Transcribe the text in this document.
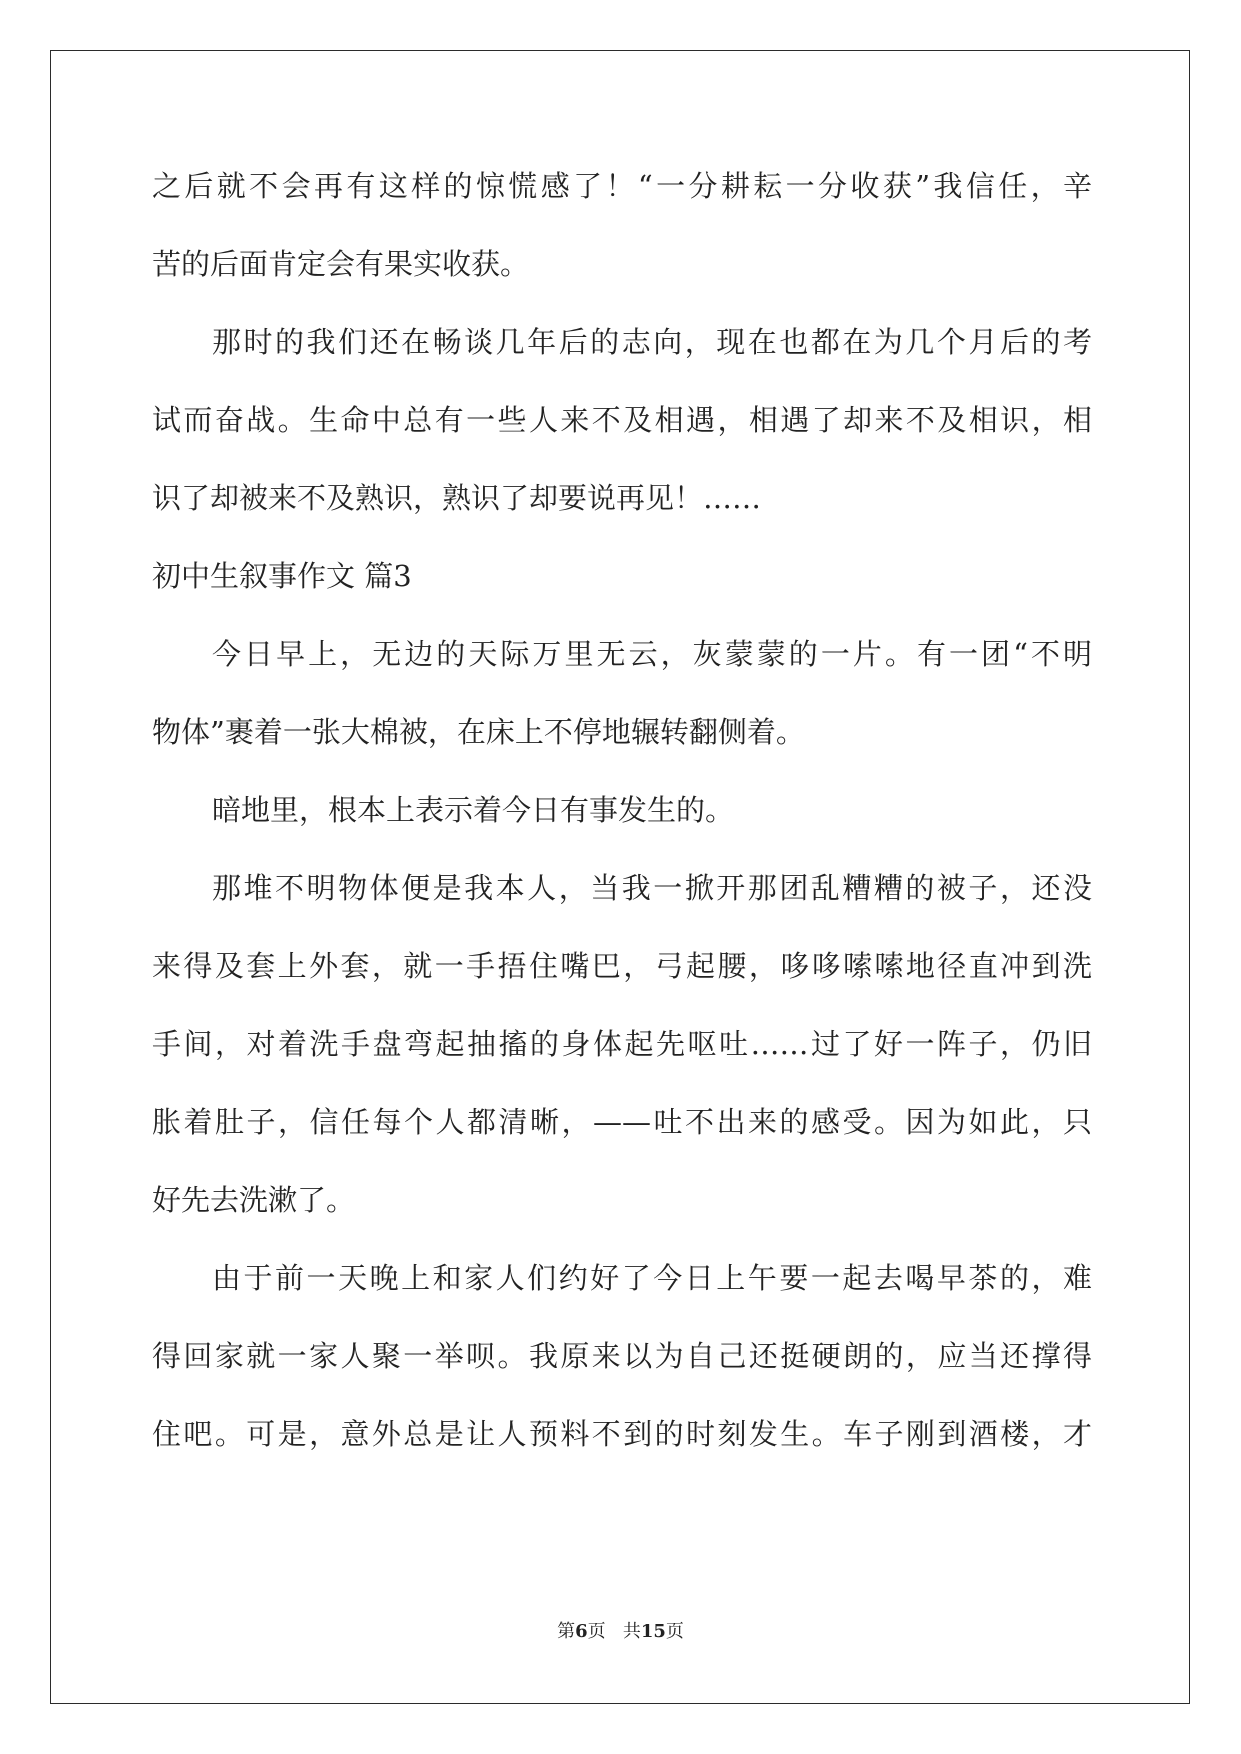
之后就不会再有这样的惊慌感了！“一分耕耘一分收获”我信任，辛
苦的后面肯定会有果实收获。
那时的我们还在畅谈几年后的志向，现在也都在为几个月后的考
试而奋战。生命中总有一些人来不及相遇，相遇了却来不及相识，相
识了却被来不及熟识，熟识了却要说再见！……
初中生叙事作文 篇3
今日早上，无边的天际万里无云，灰蒙蒙的一片。有一团“不明
物体”裹着一张大棉被，在床上不停地辗转翻侧着。
暗地里，根本上表示着今日有事发生的。
那堆不明物体便是我本人，当我一掀开那团乱糟糟的被子，还没
来得及套上外套，就一手捂住嘴巴，弓起腰，哆哆嗦嗦地径直冲到洗
手间，对着洗手盘弯起抽搐的身体起先呕吐……过了好一阵子，仍旧
胀着肚子，信任每个人都清晰，——吐不出来的感受。因为如此，只
好先去洗漱了。
由于前一天晚上和家人们约好了今日上午要一起去喝早茶的，难
得回家就一家人聚一举呗。我原来以为自己还挺硬朗的，应当还撑得
住吧。可是，意外总是让人预料不到的时刻发生。车子刚到酒楼，才
第6页 共15页
